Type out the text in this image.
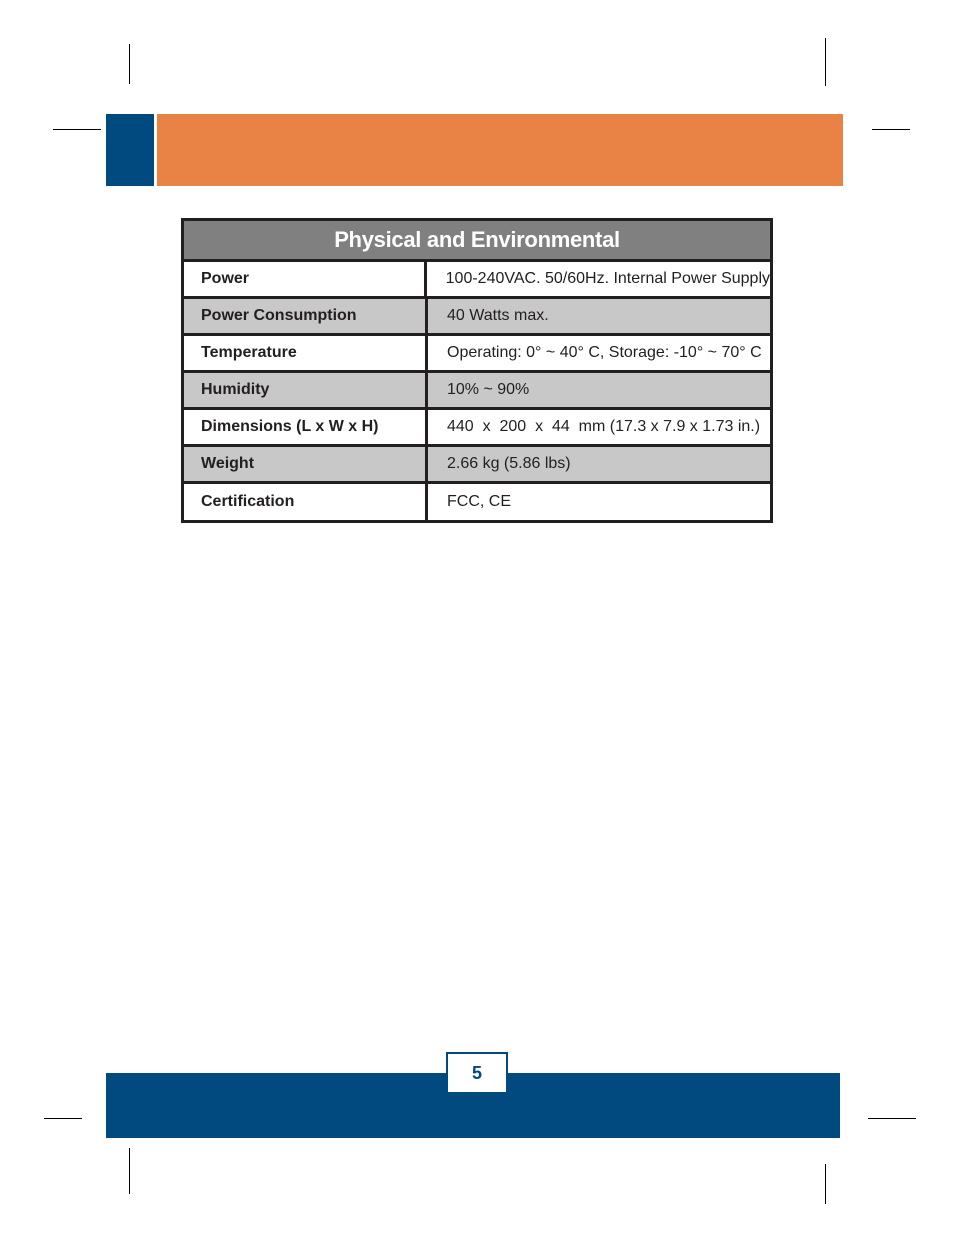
Physical and Environmental
Power	100-240VAC. 50/60Hz. Internal Power Supply
Power Consumption	40 Watts max.
Temperature	Operating: 0° ~ 40° C, Storage: -10° ~ 70° C
Humidity	10% ~ 90%
Dimensions (L x W x H)	440  x  200  x  44  mm (17.3 x 7.9 x 1.73 in.)
Weight	2.66 kg (5.86 lbs)
Certification	FCC, CE
5
